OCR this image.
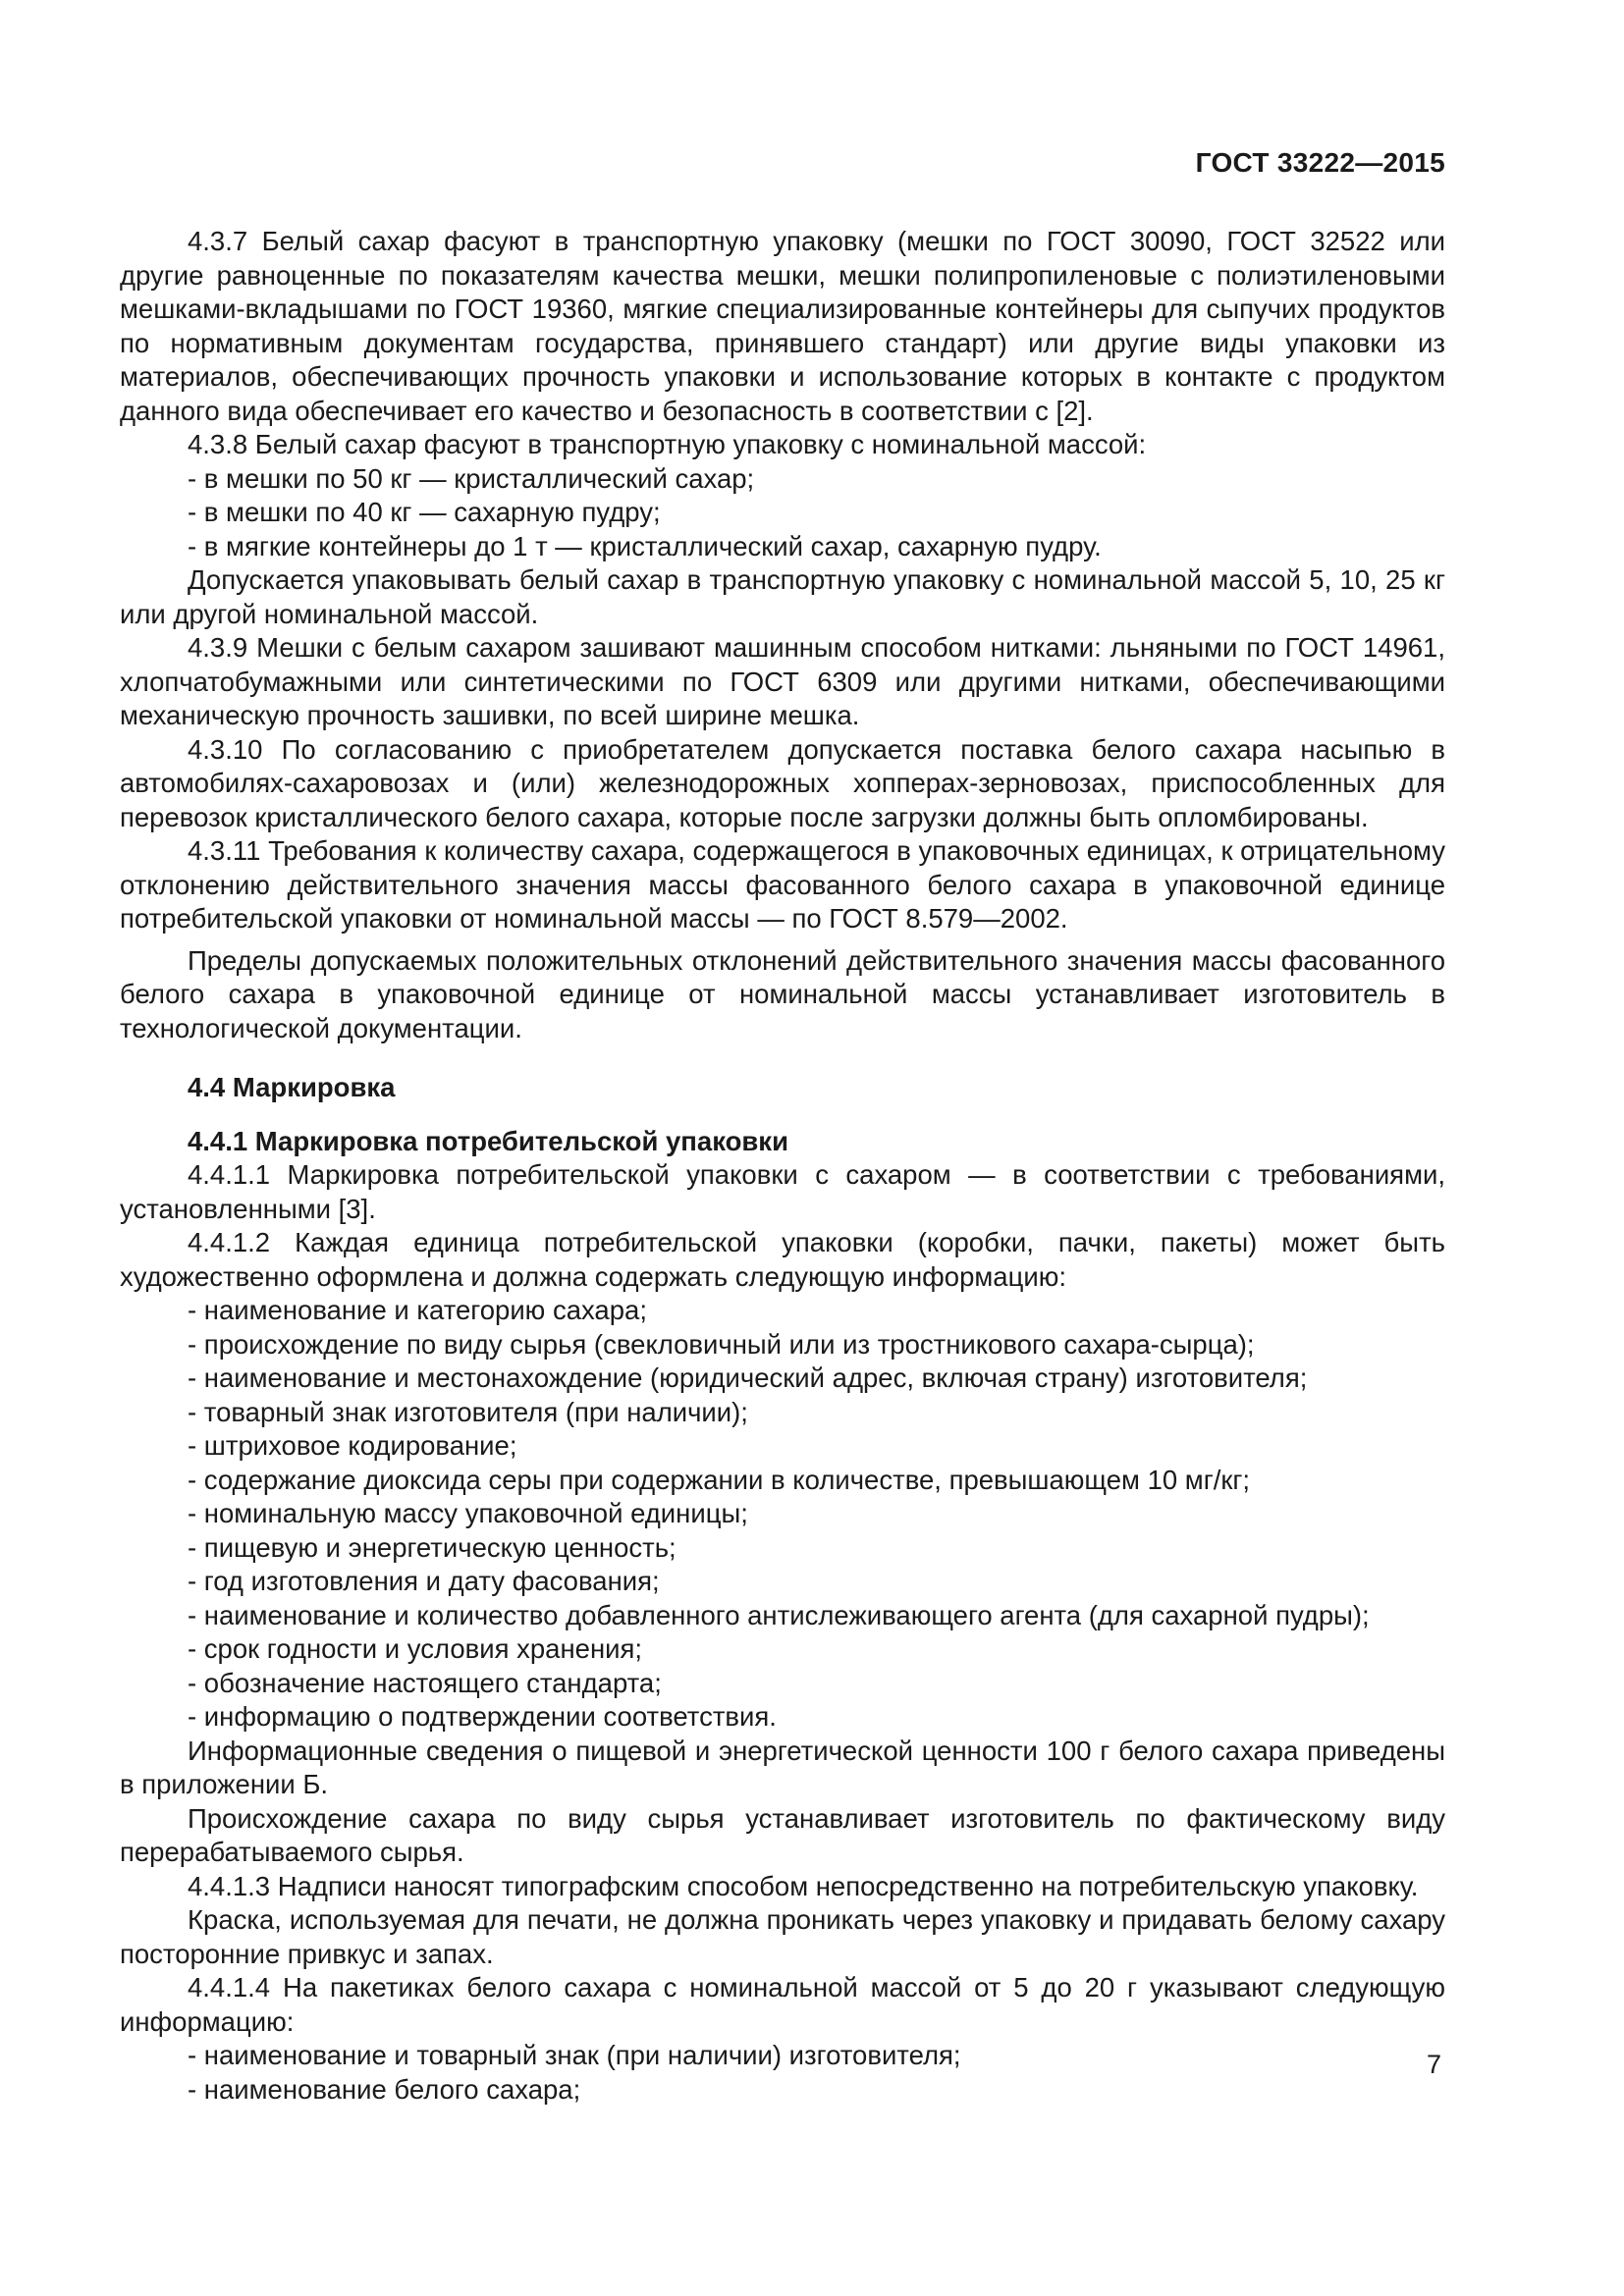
ГОСТ 33222—2015

4.3.7 Белый сахар фасуют в транспортную упаковку (мешки по ГОСТ 30090, ГОСТ 32522 или другие равноценные по показателям качества мешки, мешки полипропиленовые с полиэтиленовыми мешками-вкладышами по ГОСТ 19360, мягкие специализированные контейнеры для сыпучих продуктов по нормативным документам государства, принявшего стандарт) или другие виды упаковки из материалов, обеспечивающих прочность упаковки и использование которых в контакте с продуктом данного вида обеспечивает его качество и безопасность в соответствии с [2].

4.3.8 Белый сахар фасуют в транспортную упаковку с номинальной массой:

- в мешки по 50 кг — кристаллический сахар;

- в мешки по 40 кг — сахарную пудру;

- в мягкие контейнеры до 1 т — кристаллический сахар, сахарную пудру.

Допускается упаковывать белый сахар в транспортную упаковку с номинальной массой 5, 10, 25 кг или другой номинальной массой.

4.3.9 Мешки с белым сахаром зашивают машинным способом нитками: льняными по ГОСТ 14961, хлопчатобумажными или синтетическими по ГОСТ 6309 или другими нитками, обеспечивающими механическую прочность зашивки, по всей ширине мешка.

4.3.10 По согласованию с приобретателем допускается поставка белого сахара насыпью в автомобилях-сахаровозах и (или) железнодорожных хопперах-зерновозах, приспособленных для перевозок кристаллического белого сахара, которые после загрузки должны быть опломбированы.

4.3.11 Требования к количеству сахара, содержащегося в упаковочных единицах, к отрицательному отклонению действительного значения массы фасованного белого сахара в упаковочной единице потребительской упаковки от номинальной массы — по ГОСТ 8.579—2002.

Пределы допускаемых положительных отклонений действительного значения массы фасованного белого сахара в упаковочной единице от номинальной массы устанавливает изготовитель в технологической документации.

4.4 Маркировка

4.4.1 Маркировка потребительской упаковки

4.4.1.1 Маркировка потребительской упаковки с сахаром — в соответствии с требованиями, установленными [3].

4.4.1.2 Каждая единица потребительской упаковки (коробки, пачки, пакеты) может быть художественно оформлена и должна содержать следующую информацию:

- наименование и категорию сахара;

- происхождение по виду сырья (свекловичный или из тростникового сахара-сырца);

- наименование и местонахождение (юридический адрес, включая страну) изготовителя;

- товарный знак изготовителя (при наличии);

- штриховое кодирование;

- содержание диоксида серы при содержании в количестве, превышающем 10 мг/кг;

- номинальную массу упаковочной единицы;

- пищевую и энергетическую ценность;

- год изготовления и дату фасования;

- наименование и количество добавленного антислеживающего агента (для сахарной пудры);

- срок годности и условия хранения;

- обозначение настоящего стандарта;

- информацию о подтверждении соответствия.

Информационные сведения о пищевой и энергетической ценности 100 г белого сахара приведены в приложении Б.

Происхождение сахара по виду сырья устанавливает изготовитель по фактическому виду перерабатываемого сырья.

4.4.1.3 Надписи наносят типографским способом непосредственно на потребительскую упаковку.

Краска, используемая для печати, не должна проникать через упаковку и придавать белому сахару посторонние привкус и запах.

4.4.1.4 На пакетиках белого сахара с номинальной массой от 5 до 20 г указывают следующую информацию:

- наименование и товарный знак (при наличии) изготовителя;

- наименование белого сахара;

7
